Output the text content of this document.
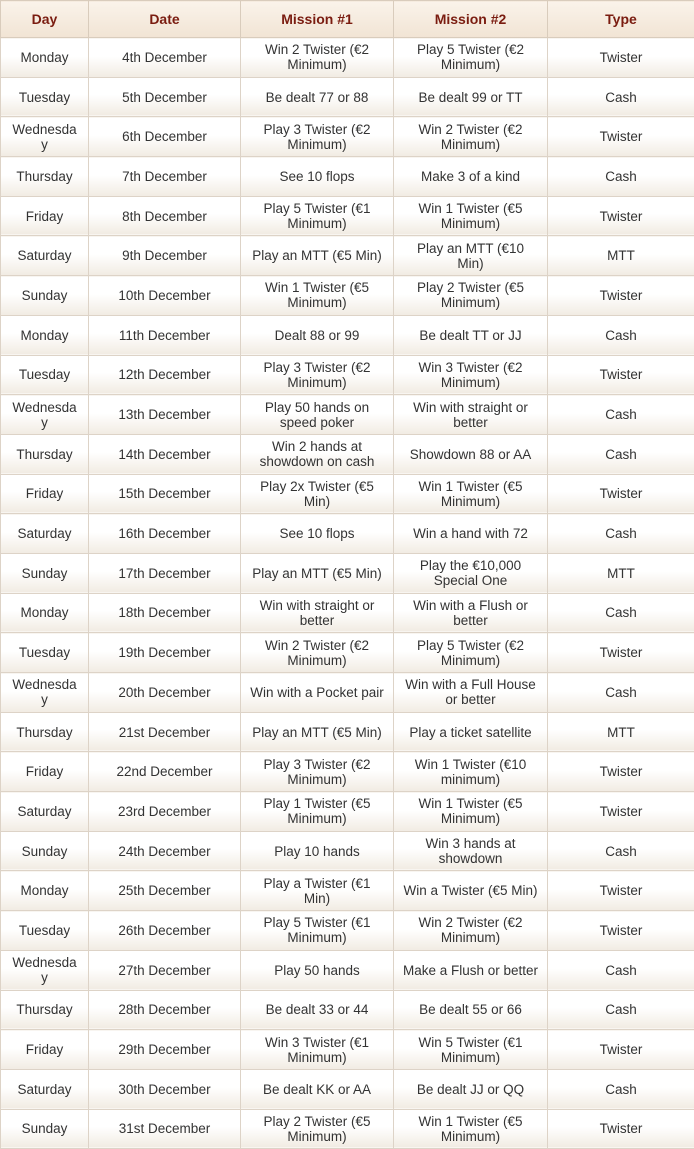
Day	Date	Mission #1	Mission #2	Type
Monday	4th December	Win 2 Twister (€2 Minimum)	Play 5 Twister (€2 Minimum)	Twister
Tuesday	5th December	Be dealt 77 or 88	Be dealt 99 or TT	Cash
Wednesday	6th December	Play 3 Twister (€2 Minimum)	Win 2 Twister (€2 Minimum)	Twister
Thursday	7th December	See 10 flops	Make 3 of a kind	Cash
Friday	8th December	Play 5 Twister (€1 Minimum)	Win 1 Twister (€5 Minimum)	Twister
Saturday	9th December	Play an MTT (€5 Min)	Play an MTT (€10 Min)	MTT
Sunday	10th December	Win 1 Twister (€5 Minimum)	Play 2 Twister (€5 Minimum)	Twister
Monday	11th December	Dealt 88 or 99	Be dealt TT or JJ	Cash
Tuesday	12th December	Play 3 Twister (€2 Minimum)	Win 3 Twister (€2 Minimum)	Twister
Wednesday	13th December	Play 50 hands on speed poker	Win with straight or better	Cash
Thursday	14th December	Win 2 hands at showdown on cash	Showdown 88 or AA	Cash
Friday	15th December	Play 2x Twister (€5 Min)	Win 1 Twister (€5 Minimum)	Twister
Saturday	16th December	See 10 flops	Win a hand with 72	Cash
Sunday	17th December	Play an MTT (€5 Min)	Play the €10,000 Special One	MTT
Monday	18th December	Win with straight or better	Win with a Flush or better	Cash
Tuesday	19th December	Win 2 Twister (€2 Minimum)	Play 5 Twister (€2 Minimum)	Twister
Wednesday	20th December	Win with a Pocket pair	Win with a Full House or better	Cash
Thursday	21st December	Play an MTT (€5 Min)	Play a ticket satellite	MTT
Friday	22nd December	Play 3 Twister (€2 Minimum)	Win 1 Twister (€10 minimum)	Twister
Saturday	23rd December	Play 1 Twister (€5 Minimum)	Win 1 Twister (€5 Minimum)	Twister
Sunday	24th December	Play 10 hands	Win 3 hands at showdown	Cash
Monday	25th December	Play a Twister (€1 Min)	Win a Twister (€5 Min)	Twister
Tuesday	26th December	Play 5 Twister (€1 Minimum)	Win 2 Twister (€2 Minimum)	Twister
Wednesday	27th December	Play 50 hands	Make a Flush or better	Cash
Thursday	28th December	Be dealt 33 or 44	Be dealt 55 or 66	Cash
Friday	29th December	Win 3 Twister (€1 Minimum)	Win 5 Twister (€1 Minimum)	Twister
Saturday	30th December	Be dealt KK or AA	Be dealt JJ or QQ	Cash
Sunday	31st December	Play 2 Twister (€5 Minimum)	Win 1 Twister (€5 Minimum)	Twister
